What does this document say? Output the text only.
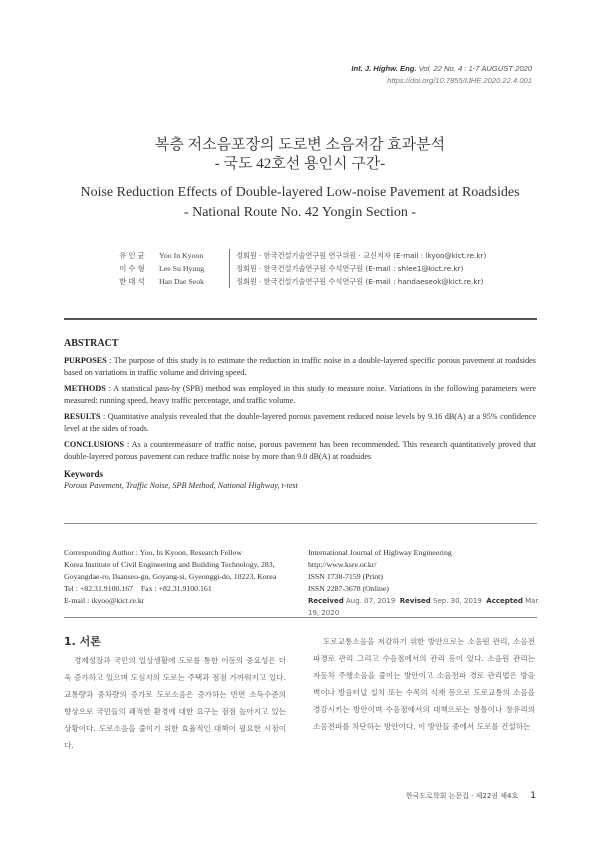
Int. J. Highw. Eng. Vol. 22 No. 4 : 1-7 AUGUST 2020
https://doi.org/10.7855/IJHE.2020.22.4.001
복층 저소음포장의 도로변 소음저감 효과분석
- 국도 42호선 용인시 구간-
Noise Reduction Effects of Double-layered Low-noise Pavement at Roadsides
- National Route No. 42 Yongin Section -
유인균	Yoo In Kyoon	정회원 · 한국건설기술연구원 연구위원 · 교신저자 (E-mail : ikyoo@kict.re.kr)
이수형	Lee Su Hyung	정회원 · 한국건설기술연구원 수석연구원 (E-mail : shlee1@kict.re.kr)
한대석	Han Dae Seok	정회원 · 한국건설기술연구원 수석연구원 (E-mail : handaeseok@kict.re.kr)
ABSTRACT

PURPOSES : The purpose of this study is to estimate the reduction in traffic noise in a double-layered specific porous pavement at roadsides based on variations in traffic volume and driving speed.

METHODS : A statistical pass-by (SPB) method was employed in this study to measure noise. Variations in the following parameters were measured: running speed, heavy traffic percentage, and traffic volume.

RESULTS : Quantitative analysis revealed that the double-layered porous pavement reduced noise levels by 9.16 dB(A) at a 95% confidence level at the sides of roads.

CONCLUSIONS : As a countermeasure of traffic noise, porous pavement has been recommended. This research quantitatively proved that double-layered porous pavement can reduce traffic noise by more than 9.0 dB(A) at roadsides

Keywords

Porous Pavement, Traffic Noise, SPB Method, National Highway, t-test

Corresponding Author : Yoo, In Kyoon, Research Fellow
Korea Institute of Civil Engineering and Building Technology, 283,
Goyangdae-ro, Ilsanseo-gu, Goyang-si, Gyeonggi-do, 10223, Korea
Tel : +82.31.9100.167    Fax : +82.31.9100.161
E-mail : ikyoo@kict.re.kr
International Journal of Highway Engineering
http://www.ksre.or.kr/
ISSN 1738-7159 (Print)
ISSN 2287-3678 (Online)
Received Aug. 07, 2019 Revised Sep. 30, 2019 Accepted Mar. 19, 2020
1. 서론

경제성장과 국민의 일상생활에 도로를 통한 이동의 중요성은 더욱 증가하고 있으며 도심지의 도로는 주택과 점점 가까워지고 있다. 교통량과 중차량의 증가로 도로소음은 증가하는 반면 소득수준의 향상으로 국민들의 쾌적한 환경에 대한 요구는 점점 높아지고 있는 상황이다. 도로소음을 줄이기 위한 효율적인 대책이 필요한 시점이다.

도로교통소음을 저감하기 위한 방안으로는 소음원 관리, 소음전파경로 관리 그리고 수음점에서의 관리 등이 있다. 소음원 관리는 자동차 주행소음을 줄이는 방안이고 소음전파 경로 관리법은 방음벽이나 방음터널 설치 또는 수목의 식재 등으로 도로교통의 소음을 경감시키는 방안이며 수음점에서의 대책으로는 창틀이나 창유리의 소음전파를 차단하는 방안이다. 이 방안들 중에서 도로를 건설하는

한국도로학회 논문집 · 제22권 제4호 1
